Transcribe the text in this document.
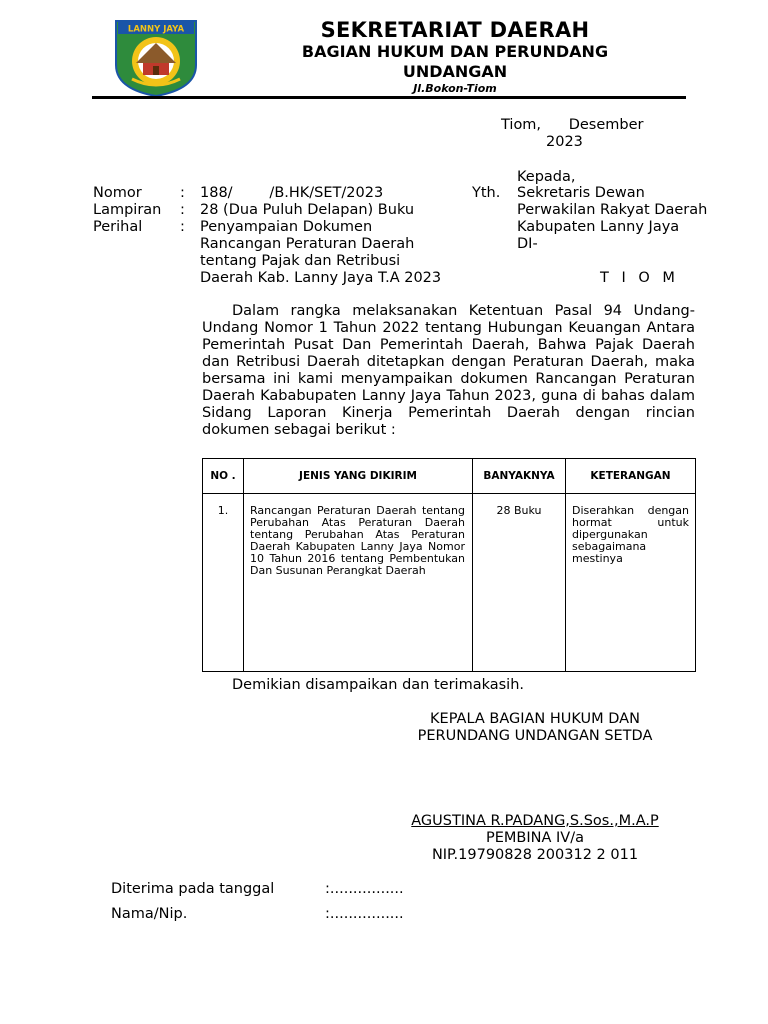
LANNY JAYA	SEKRETARIAT DAERAH
BAGIAN HUKUM DAN PERUNDANG UNDANGAN
Jl.Bokon-Tiom
Tiom,      Desember
2023
Kepada,
Yth. Sekretaris Dewan
Perwakilan Rakyat Daerah
Kabupaten Lanny Jaya
DI-
T I O M
Nomor	: 188/        /B.HK/SET/2023
Lampiran : 28 (Dua Puluh Delapan) Buku
Perihal	: Penyampaian Dokumen
Rancangan Peraturan Daerah
tentang Pajak dan Retribusi
Daerah Kab. Lanny Jaya T.A 2023

Dalam rangka melaksanakan Ketentuan Pasal 94 Undang-Undang Nomor 1 Tahun 2022 tentang Hubungan Keuangan Antara Pemerintah Pusat Dan Pemerintah Daerah, Bahwa Pajak Daerah dan Retribusi Daerah ditetapkan dengan Peraturan Daerah, maka bersama ini kami menyampaikan dokumen Rancangan Peraturan Daerah Kababupaten Lanny Jaya Tahun 2023, guna di bahas dalam Sidang Laporan Kinerja Pemerintah Daerah dengan rincian dokumen sebagai berikut :

NO .	JENIS YANG DIKIRIM	BANYAKNYA	KETERANGAN
1.	Rancangan Peraturan Daerah tentang Perubahan Atas Peraturan Daerah tentang Perubahan Atas Peraturan Daerah Kabupaten Lanny Jaya Nomor 10 Tahun 2016 tentang Pembentukan Dan Susunan Perangkat Daerah	28 Buku	Diserahkan dengan hormat untuk dipergunakan sebagaimana mestinya
Demikian disampaikan dan terimakasih.
KEPALA BAGIAN HUKUM DAN
PERUNDANG UNDANGAN SETDA
AGUSTINA R.PADANG,S.Sos.,M.A.P
PEMBINA IV/a
NIP.19790828 200312 2 011
Diterima pada tanggal	:................
Nama/Nip.	:................
